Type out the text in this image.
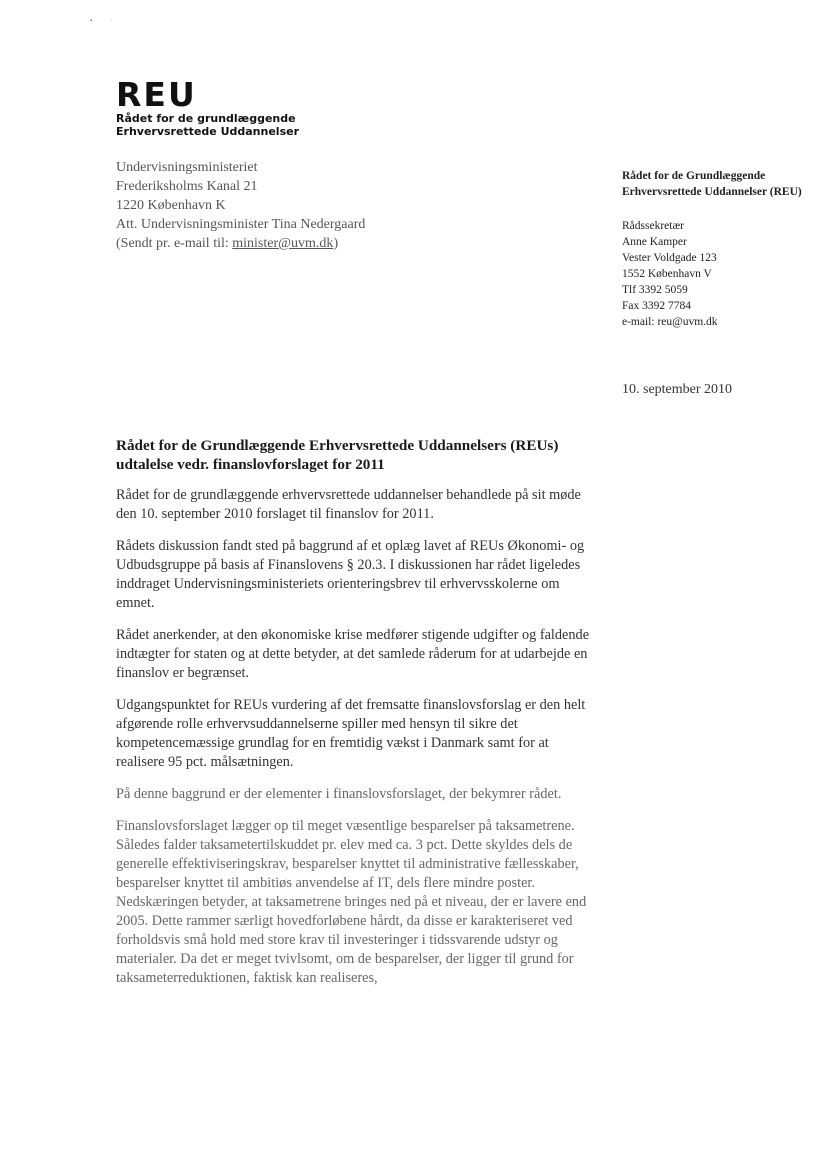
▪            ·
REU
Rådet for de grundlæggende
Erhvervsrettede Uddannelser
Undervisningsministeriet
Frederiksholms Kanal 21
1220 København K
Att. Undervisningsminister Tina Nedergaard
(Sendt pr. e-mail til: minister@uvm.dk)
Rådet for de Grundlæggende Erhvervsrettede Uddannelser (REU)
Rådssekretær
Anne Kamper
Vester Voldgade 123
1552 København V
Tlf 3392 5059
Fax 3392 7784
e-mail: reu@uvm.dk
10. september 2010
Rådet for de Grundlæggende Erhvervsrettede Uddannelsers (REUs) udtalelse vedr. finanslovforslaget for 2011

Rådet for de grundlæggende erhvervsrettede uddannelser behandlede på sit møde den 10. september 2010 forslaget til finanslov for 2011.

Rådets diskussion fandt sted på baggrund af et oplæg lavet af REUs Økonomi- og Udbudsgruppe på basis af Finanslovens § 20.3. I diskussionen har rådet ligeledes inddraget Undervisningsministeriets orienteringsbrev til erhvervsskolerne om emnet.

Rådet anerkender, at den økonomiske krise medfører stigende udgifter og faldende indtægter for staten og at dette betyder, at det samlede råderum for at udarbejde en finanslov er begrænset.

Udgangspunktet for REUs vurdering af det fremsatte finanslovsforslag er den helt afgørende rolle erhvervsuddannelserne spiller med hensyn til sikre det kompetencemæssige grundlag for en fremtidig vækst i Danmark samt for at realisere 95 pct. målsætningen.

På denne baggrund er der elementer i finanslovsforslaget, der bekymrer rådet.

Finanslovsforslaget lægger op til meget væsentlige besparelser på taksametrene. Således falder taksametertilskuddet pr. elev med ca. 3 pct. Dette skyldes dels de generelle effektiviseringskrav, besparelser knyttet til administrative fællesskaber, besparelser knyttet til ambitiøs anvendelse af IT, dels flere mindre poster. Nedskæringen betyder, at taksametrene bringes ned på et niveau, der er lavere end 2005. Dette rammer særligt hovedforløbene hårdt, da disse er karakteriseret ved forholdsvis små hold med store krav til investeringer i tidssvarende udstyr og materialer. Da det er meget tvivlsomt, om de besparelser, der ligger til grund for taksameterreduktionen, faktisk kan realiseres,
